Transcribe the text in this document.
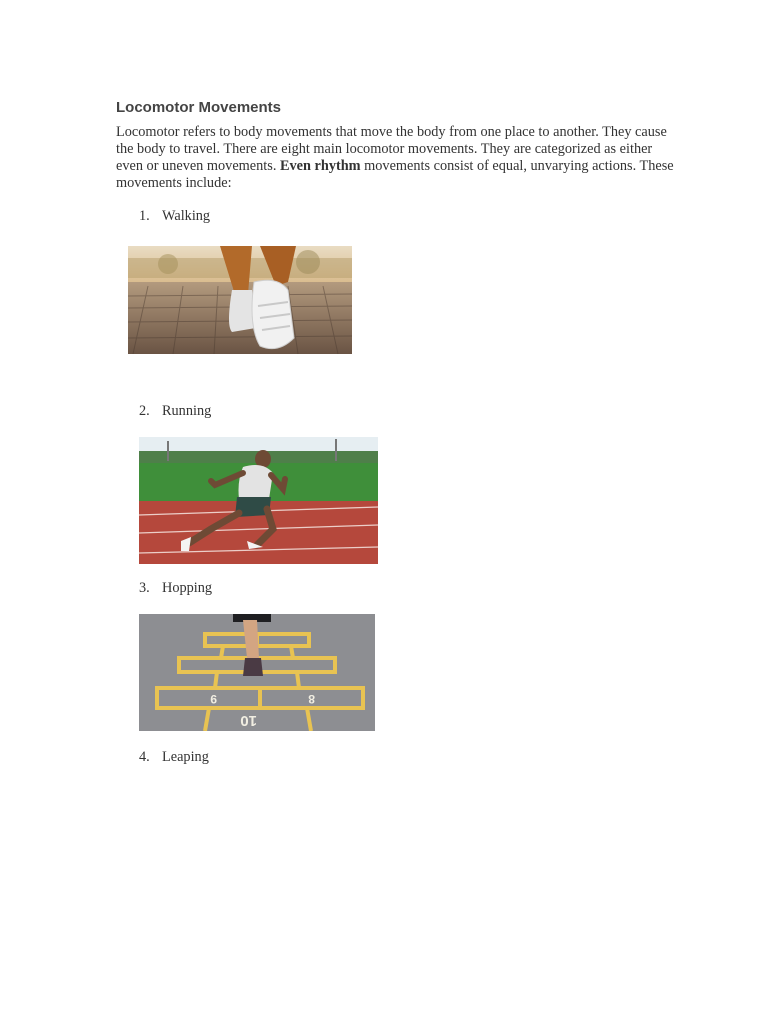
Locomotor Movements
Locomotor refers to body movements that move the body from one place to another. They cause the body to travel. There are eight main locomotor movements. They are categorized as either even or uneven movements. Even rhythm movements consist of equal, unvarying actions. These movements include:
1. Walking
2. Running
3. Hopping
9	8
10
4. Leaping
